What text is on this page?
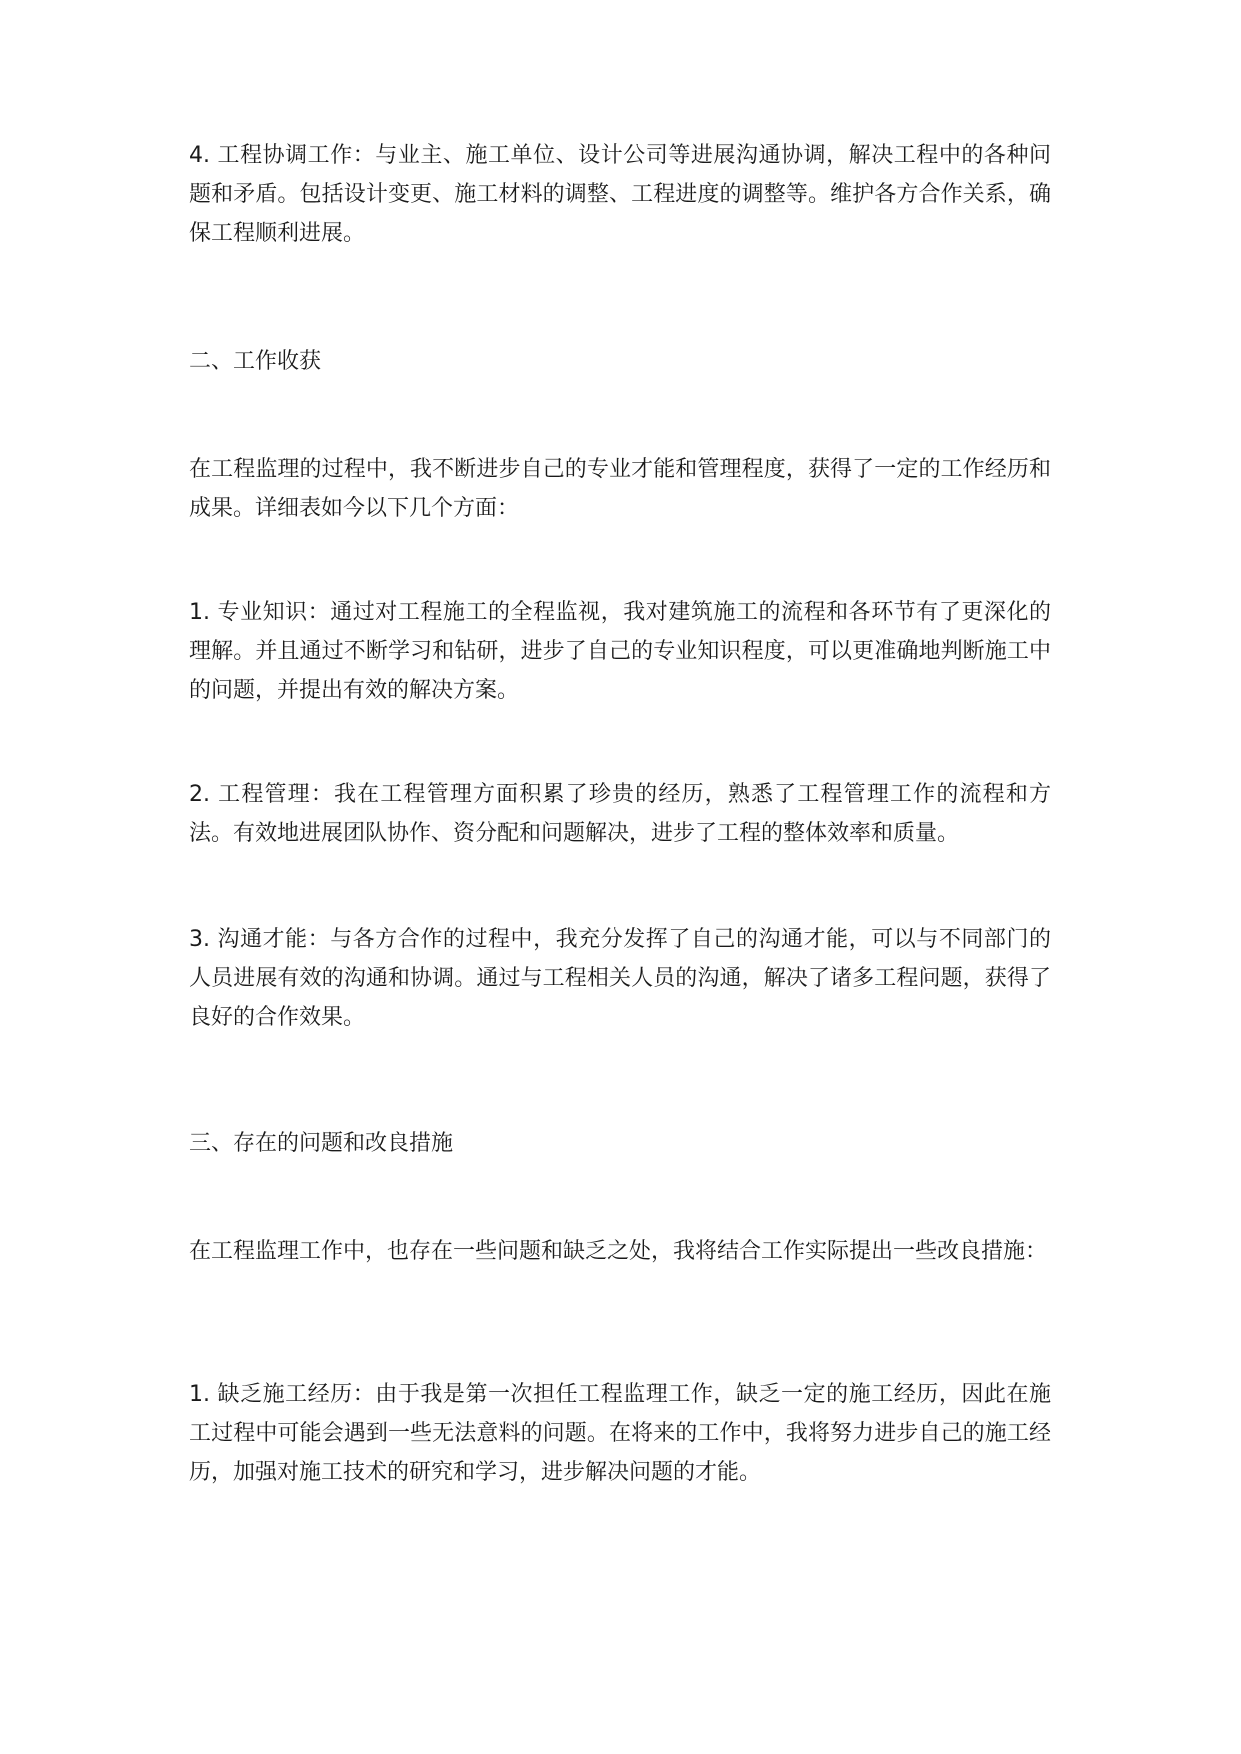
4. 工程协调工作：与业主、施工单位、设计公司等进展沟通协调，解决工程中的各种问题和矛盾。包括设计变更、施工材料的调整、工程进度的调整等。维护各方合作关系，确保工程顺利进展。

二、工作收获

在工程监理的过程中，我不断进步自己的专业才能和管理程度，获得了一定的工作经历和成果。详细表如今以下几个方面：

1. 专业知识：通过对工程施工的全程监视，我对建筑施工的流程和各环节有了更深化的理解。并且通过不断学习和钻研，进步了自己的专业知识程度，可以更准确地判断施工中的问题，并提出有效的解决方案。

2. 工程管理：我在工程管理方面积累了珍贵的经历，熟悉了工程管理工作的流程和方法。有效地进展团队协作、资分配和问题解决，进步了工程的整体效率和质量。

3. 沟通才能：与各方合作的过程中，我充分发挥了自己的沟通才能，可以与不同部门的人员进展有效的沟通和协调。通过与工程相关人员的沟通，解决了诸多工程问题，获得了良好的合作效果。

三、存在的问题和改良措施

在工程监理工作中，也存在一些问题和缺乏之处，我将结合工作实际提出一些改良措施：

1. 缺乏施工经历：由于我是第一次担任工程监理工作，缺乏一定的施工经历，因此在施工过程中可能会遇到一些无法意料的问题。在将来的工作中，我将努力进步自己的施工经历，加强对施工技术的研究和学习，进步解决问题的才能。
